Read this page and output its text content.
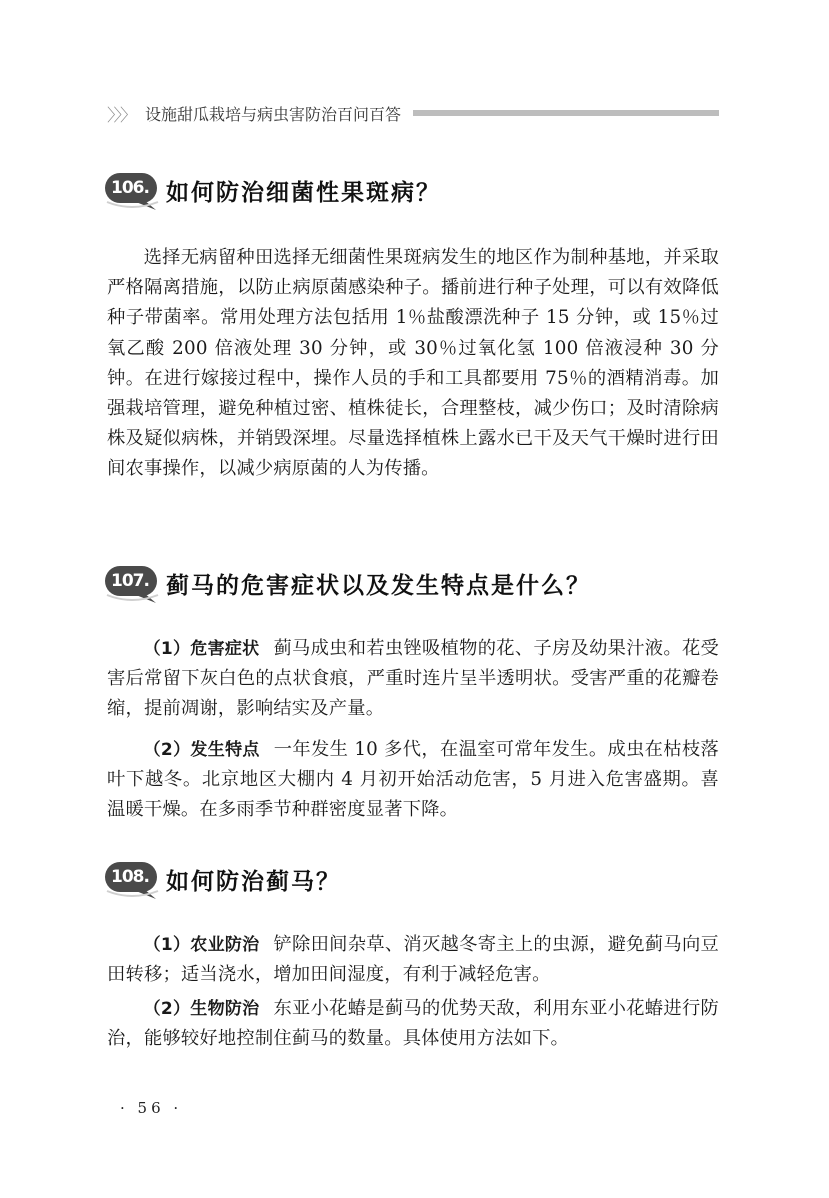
〉〉〉 设施甜瓜栽培与病虫害防治百问百答
106. 如何防治细菌性果斑病？

选择无病留种田选择无细菌性果斑病发生的地区作为制种基地，并采取严格隔离措施，以防止病原菌感染种子。播前进行种子处理，可以有效降低种子带菌率。常用处理方法包括用 1％盐酸漂洗种子 15 分钟，或 15％过氧乙酸 200 倍液处理 30 分钟，或 30％过氧化氢 100 倍液浸种 30 分钟。在进行嫁接过程中，操作人员的手和工具都要用 75％的酒精消毒。加强栽培管理，避免种植过密、植株徒长，合理整枝，减少伤口；及时清除病株及疑似病株，并销毁深埋。尽量选择植株上露水已干及天气干燥时进行田间农事操作，以减少病原菌的人为传播。

107. 蓟马的危害症状以及发生特点是什么？

（1）危害症状 蓟马成虫和若虫锉吸植物的花、子房及幼果汁液。花受害后常留下灰白色的点状食痕，严重时连片呈半透明状。受害严重的花瓣卷缩，提前凋谢，影响结实及产量。

（2）发生特点 一年发生 10 多代，在温室可常年发生。成虫在枯枝落叶下越冬。北京地区大棚内 4 月初开始活动危害，5 月进入危害盛期。喜温暖干燥。在多雨季节种群密度显著下降。

108. 如何防治蓟马？

（1）农业防治 铲除田间杂草、消灭越冬寄主上的虫源，避免蓟马向豆田转移；适当浇水，增加田间湿度，有利于减轻危害。

（2）生物防治 东亚小花蝽是蓟马的优势天敌，利用东亚小花蝽进行防治，能够较好地控制住蓟马的数量。具体使用方法如下。

· 56 ·
